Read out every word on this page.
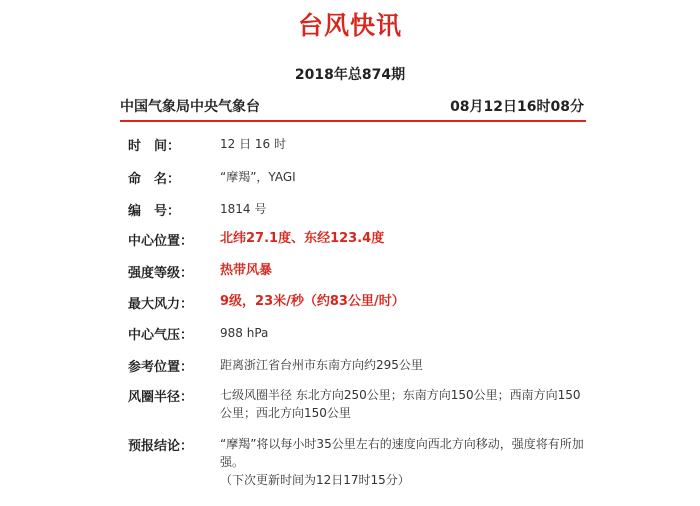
台风快讯
2018年总874期
中国气象局中央气象台	08月12日16时08分
时　间：	12 日 16 时
命　名：	“摩羯”，YAGI
编　号：	1814 号
中心位置：	北纬27.1度、东经123.4度
强度等级：	热带风暴
最大风力：	9级，23米/秒（约83公里/时）
中心气压：	988 hPa
参考位置：	距离浙江省台州市东南方向约295公里
风圈半径：	七级风圈半径 东北方向250公里；东南方向150公里；西南方向150公里；西北方向150公里
预报结论：	“摩羯”将以每小时35公里左右的速度向西北方向移动，强度将有所加强。
（下次更新时间为12日17时15分）
